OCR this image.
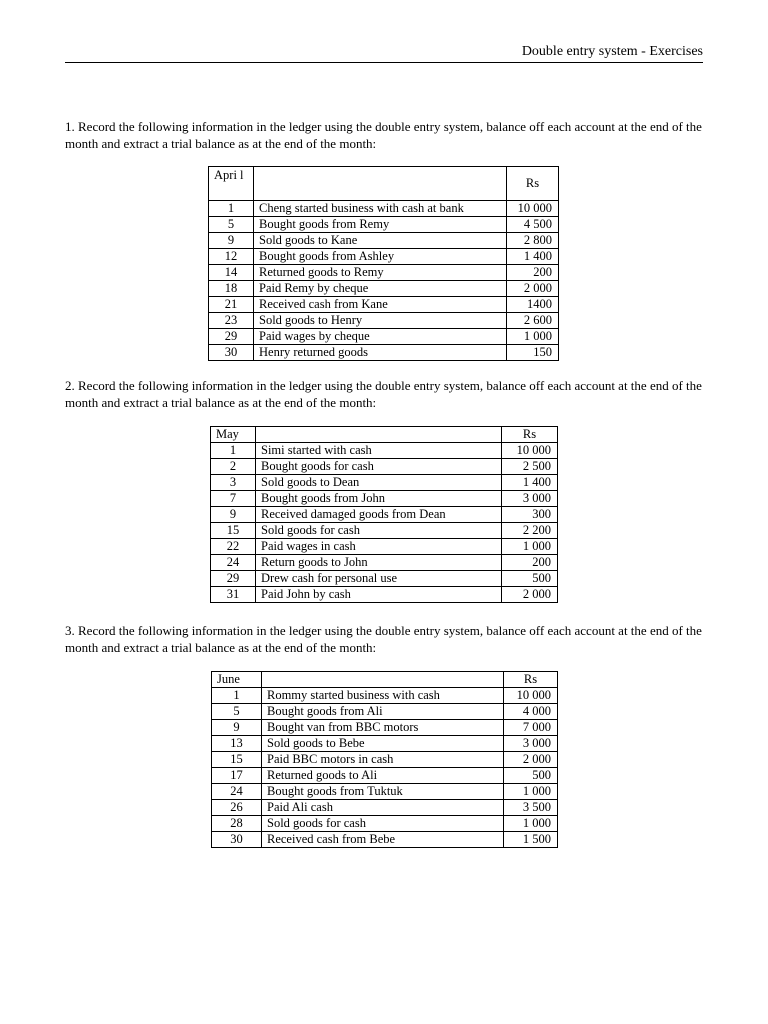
Double entry system - Exercises

1. Record the following information in the ledger using the double entry system, balance off each account at the end of the month and extract a trial balance as at the end of the month:

Apri l		Rs
1	Cheng started business with cash at bank	10 000
5	Bought goods from Remy	4 500
9	Sold goods to Kane	2 800
12	Bought goods from Ashley	1 400
14	Returned goods to Remy	200
18	Paid Remy by cheque	2 000
21	Received cash from Kane	1400
23	Sold goods to Henry	2 600
29	Paid wages by cheque	1 000
30	Henry returned goods	150

2. Record the following information in the ledger using the double entry system, balance off each account at the end of the month and extract a trial balance as at the end of the month:

May		Rs
1	Simi started with cash	10 000
2	Bought goods for cash	2 500
3	Sold goods to Dean	1 400
7	Bought goods from John	3 000
9	Received damaged goods from Dean	300
15	Sold goods for cash	2 200
22	Paid wages in cash	1 000
24	Return goods to John	200
29	Drew cash for personal use	500
31	Paid John by cash	2 000

3. Record the following information in the ledger using the double entry system, balance off each account at the end of the month and extract a trial balance as at the end of the month:

June		Rs
1	Rommy started business with cash	10 000
5	Bought goods from Ali	4 000
9	Bought van from BBC motors	7 000
13	Sold goods to Bebe	3 000
15	Paid BBC motors in cash	2 000
17	Returned goods to Ali	500
24	Bought goods from Tuktuk	1 000
26	Paid Ali cash	3 500
28	Sold goods for cash	1 000
30	Received cash from Bebe	1 500
